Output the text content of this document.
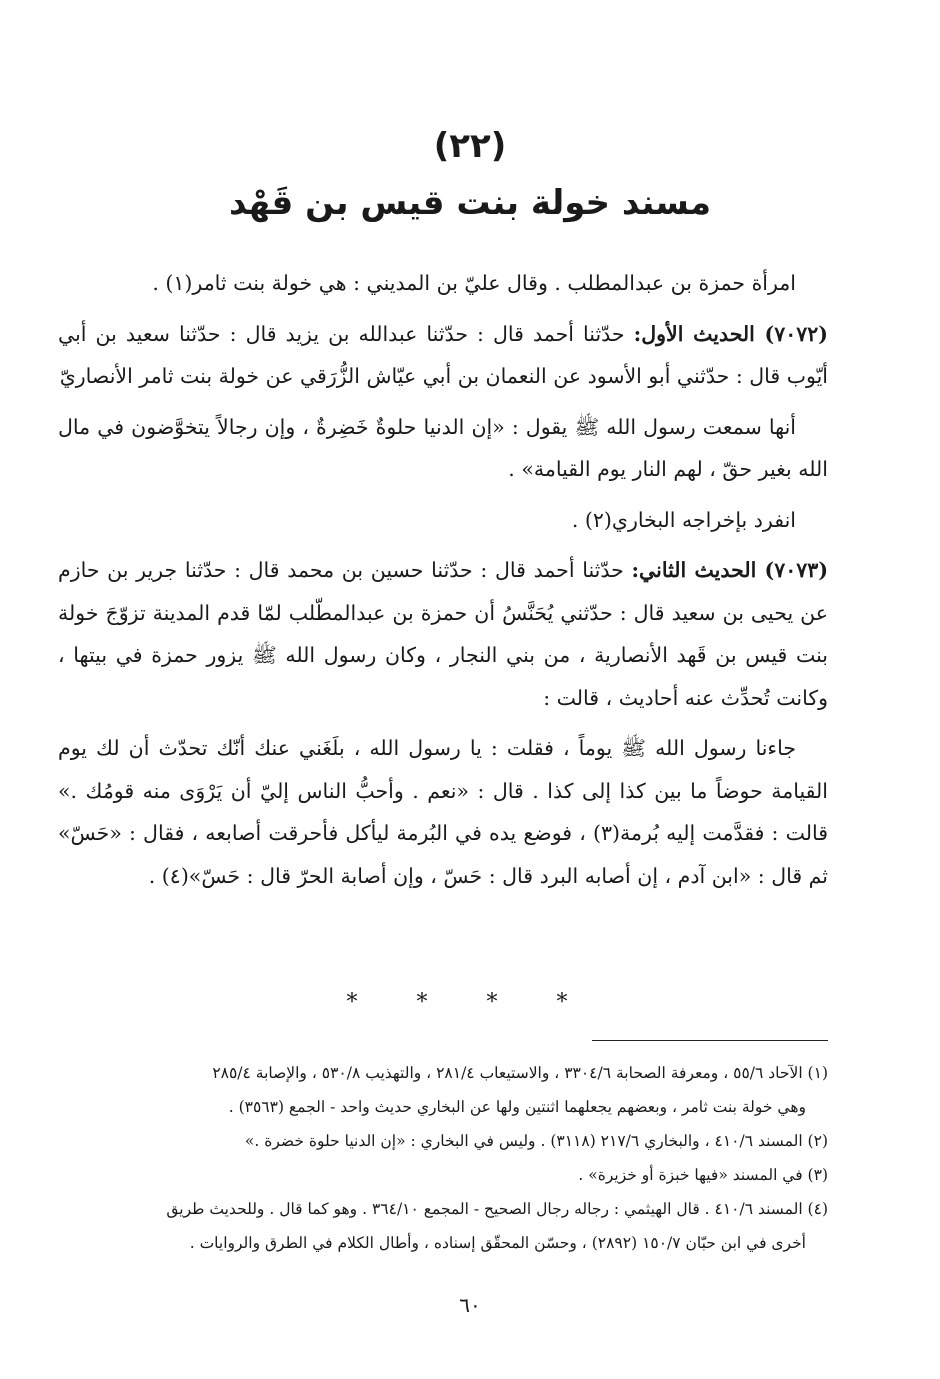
(٢٢)
مسند خولة بنت قيس بن قَهْد

امرأة حمزة بن عبدالمطلب . وقال عليّ بن المديني : هي خولة بنت ثامر(١) .

(٧٠٧٢) الحديث الأول: حدّثنا أحمد قال : حدّثنا عبدالله بن يزيد قال : حدّثنا سعيد بن أبي أيّوب قال : حدّثني أبو الأسود عن النعمان بن أبي عيّاش الزُّرَقي عن خولة بنت ثامر الأنصاريّ

أنها سمعت رسول الله ﷺ يقول : «إن الدنيا حلوةٌ خَضِرةٌ ، وإن رجالاً يتخوَّضون في مال الله بغير حقّ ، لهم النار يوم القيامة» .

انفرد بإخراجه البخاري(٢) .

(٧٠٧٣) الحديث الثاني: حدّثنا أحمد قال : حدّثنا حسين بن محمد قال : حدّثنا جرير بن حازم عن يحيى بن سعيد قال : حدّثني يُحَنَّسُ أن حمزة بن عبدالمطّلب لمّا قدم المدينة تزوّجَ خولة بنت قيس بن قَهد الأنصارية ، من بني النجار ، وكان رسول الله ﷺ يزور حمزة في بيتها ، وكانت تُحدِّث عنه أحاديث ، قالت :

جاءنا رسول الله ﷺ يوماً ، فقلت : يا رسول الله ، بلَغَني عنك أنّك تحدّث أن لك يوم القيامة حوضاً ما بين كذا إلى كذا . قال : «نعم . وأحبُّ الناس إليّ أن يَرْوَى منه قومُك .» قالت : فقدَّمت إليه بُرمة(٣) ، فوضع يده في البُرمة ليأكل فأحرقت أصابعه ، فقال : «حَسّ» ثم قال : «ابن آدم ، إن أصابه البرد قال : حَسّ ، وإن أصابة الحرّ قال : حَسّ»(٤) .

* * * *

(١) الآحاد ٥٥/٦ ، ومعرفة الصحابة ٣٣٠٤/٦ ، والاستيعاب ٢٨١/٤ ، والتهذيب ٥٣٠/٨ ، والإصابة ٢٨٥/٤

وهي خولة بنت ثامر ، وبعضهم يجعلهما اثنتين ولها عن البخاري حديث واحد - الجمع (٣٥٦٣) .

(٢) المسند ٤١٠/٦ ، والبخاري ٢١٧/٦ (٣١١٨) . وليس في البخاري : «إن الدنيا حلوة خضرة .»

(٣) في المسند «فيها خبزة أو خزيرة» .

(٤) المسند ٤١٠/٦ . قال الهيثمي : رجاله رجال الصحيح - المجمع ٣٦٤/١٠ . وهو كما قال . وللحديث طريق

أخرى في ابن حبّان ١٥٠/٧ (٢٨٩٢) ، وحسّن المحقّق إسناده ، وأطال الكلام في الطرق والروايات .

٦٠
